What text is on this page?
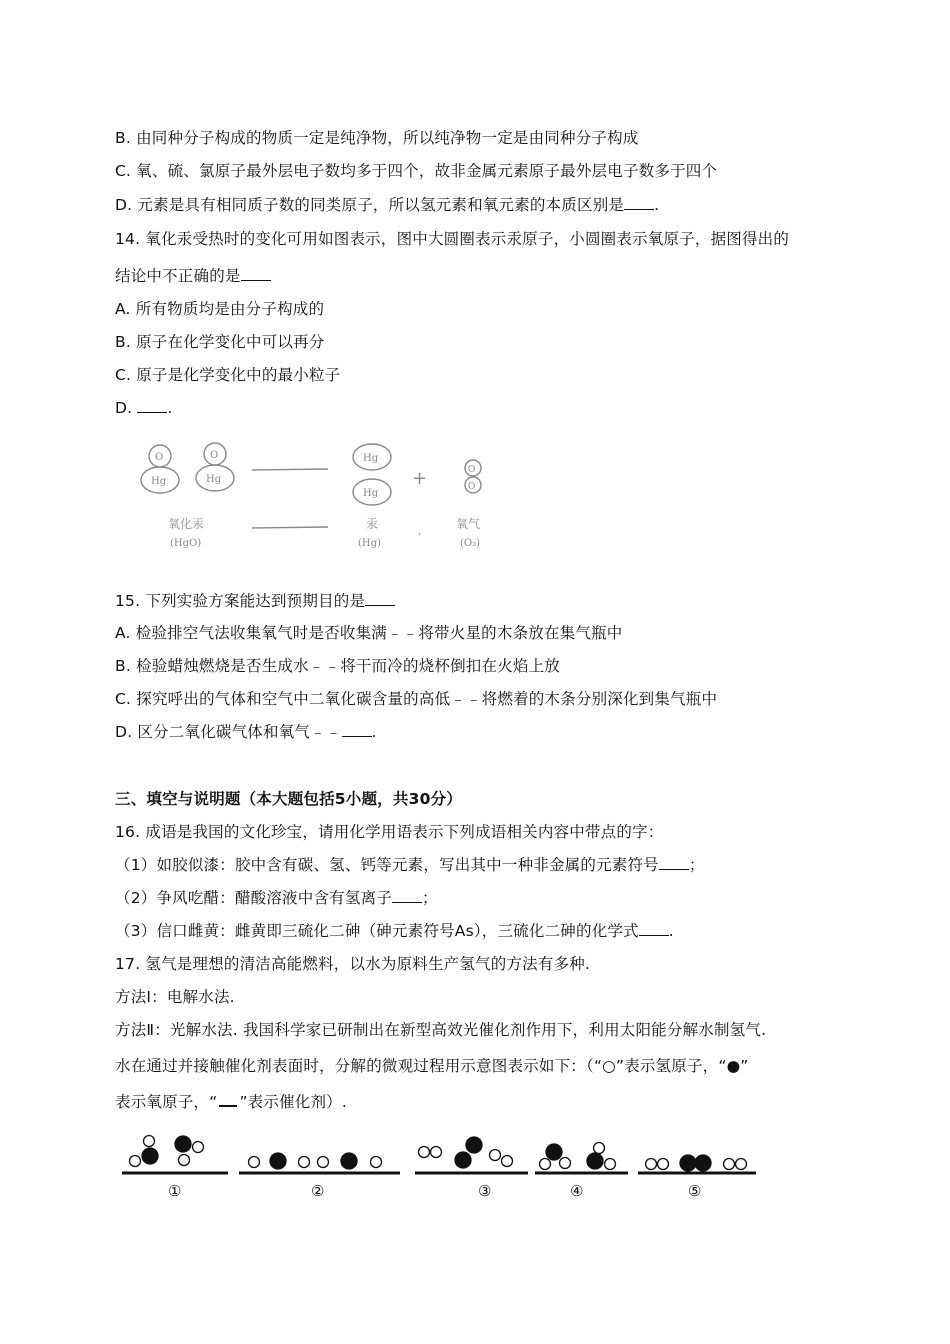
B. 由同种分子构成的物质一定是纯净物，所以纯净物一定是由同种分子构成
C. 氧、硫、氯原子最外层电子数均多于四个，故非金属元素原子最外层电子数多于四个
D. 元素是具有相同质子数的同类原子，所以氢元素和氧元素的本质区别是 .
14. 氧化汞受热时的变化可用如图表示，图中大圆圈表示汞原子，小圆圈表示氧原子，据图得出的
结论中不正确的是
A. 所有物质均是由分子构成的
B. 原子在化学变化中可以再分
C. 原子是化学变化中的最小粒子
D. .
O
Hg
O
Hg
Hg
Hg
O
O
+
氧化汞
(HgO)
汞
(Hg)
,
氧气
(O₂)
15. 下列实验方案能达到预期目的是
A. 检验排空气法收集氧气时是否收集满﹣﹣将带火星的木条放在集气瓶中
B. 检验蜡烛燃烧是否生成水﹣﹣将干而冷的烧杯倒扣在火焰上放
C. 探究呼出的气体和空气中二氧化碳含量的高低﹣﹣将燃着的木条分别深化到集气瓶中
D. 区分二氧化碳气体和氧气﹣﹣ .
三、填空与说明题（本大题包括5小题，共30分）
16. 成语是我国的文化珍宝，请用化学用语表示下列成语相关内容中带点的字：
（1）如胶似漆：胶中含有碳、氢、钙等元素，写出其中一种非金属的元素符号 ；
（2）争风吃醋：醋酸溶液中含有氢离子 ；
（3）信口雌黄：雌黄即三硫化二砷（砷元素符号As），三硫化二砷的化学式 .
17. 氢气是理想的清洁高能燃料，以水为原料生产氢气的方法有多种.
方法Ⅰ：电解水法.
方法Ⅱ：光解水法. 我国科学家已研制出在新型高效光催化剂作用下，利用太阳能分解水制氢气.
水在通过并接触催化剂表面时，分解的微观过程用示意图表示如下：（“○”表示氢原子，“●”
表示氧原子，“ ”表示催化剂）.
①	②	③	④	⑤
